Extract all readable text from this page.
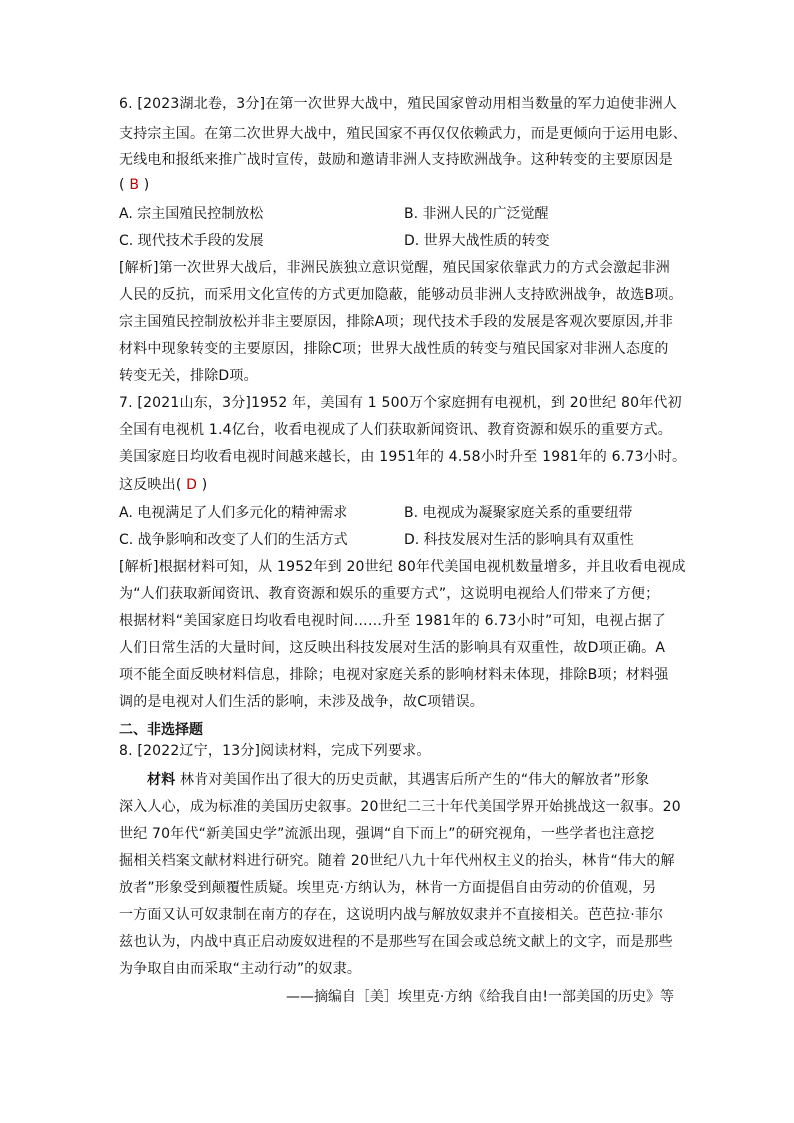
6. [2023湖北卷，3分]在第一次世界大战中，殖民国家曾动用相当数量的军力迫使非洲人
支持宗主国。在第二次世界大战中，殖民国家不再仅仅依赖武力，而是更倾向于运用电影、
无线电和报纸来推广战时宣传，鼓励和邀请非洲人支持欧洲战争。这种转变的主要原因是
( B )
A. 宗主国殖民控制放松	B. 非洲人民的广泛觉醒
C. 现代技术手段的发展	D. 世界大战性质的转变
[解析]第一次世界大战后，非洲民族独立意识觉醒，殖民国家依靠武力的方式会激起非洲
人民的反抗，而采用文化宣传的方式更加隐蔽，能够动员非洲人支持欧洲战争，故选B项。
宗主国殖民控制放松并非主要原因，排除A项；现代技术手段的发展是客观次要原因,并非
材料中现象转变的主要原因，排除C项；世界大战性质的转变与殖民国家对非洲人态度的
转变无关，排除D项。
7. [2021山东，3分]1952 年，美国有 1 500万个家庭拥有电视机，到 20世纪 80年代初
全国有电视机 1.4亿台，收看电视成了人们获取新闻资讯、教育资源和娱乐的重要方式。
美国家庭日均收看电视时间越来越长，由 1951年的 4.58小时升至 1981年的 6.73小时。
这反映出( D )
A. 电视满足了人们多元化的精神需求	B. 电视成为凝聚家庭关系的重要纽带
C. 战争影响和改变了人们的生活方式	D. 科技发展对生活的影响具有双重性
[解析]根据材料可知，从 1952年到 20世纪 80年代美国电视机数量增多，并且收看电视成
为“人们获取新闻资讯、教育资源和娱乐的重要方式”，这说明电视给人们带来了方便；
根据材料“美国家庭日均收看电视时间……升至 1981年的 6.73小时”可知，电视占据了
人们日常生活的大量时间，这反映出科技发展对生活的影响具有双重性，故D项正确。A
项不能全面反映材料信息，排除；电视对家庭关系的影响材料未体现，排除B项；材料强
调的是电视对人们生活的影响，未涉及战争，故C项错误。
二、非选择题
8. [2022辽宁，13分]阅读材料，完成下列要求。
材料 林肯对美国作出了很大的历史贡献，其遇害后所产生的“伟大的解放者”形象
深入人心，成为标准的美国历史叙事。20世纪二三十年代美国学界开始挑战这一叙事。20
世纪 70年代“新美国史学”流派出现，强调“自下而上”的研究视角，一些学者也注意挖
掘相关档案文献材料进行研究。随着 20世纪八九十年代州权主义的抬头，林肯“伟大的解
放者”形象受到颠覆性质疑。埃里克·方纳认为，林肯一方面提倡自由劳动的价值观，另
一方面又认可奴隶制在南方的存在，这说明内战与解放奴隶并不直接相关。芭芭拉·菲尔
兹也认为，内战中真正启动废奴进程的不是那些写在国会或总统文献上的文字，而是那些
为争取自由而采取“主动行动”的奴隶。
——摘编自［美］埃里克·方纳《给我自由!一部美国的历史》等
